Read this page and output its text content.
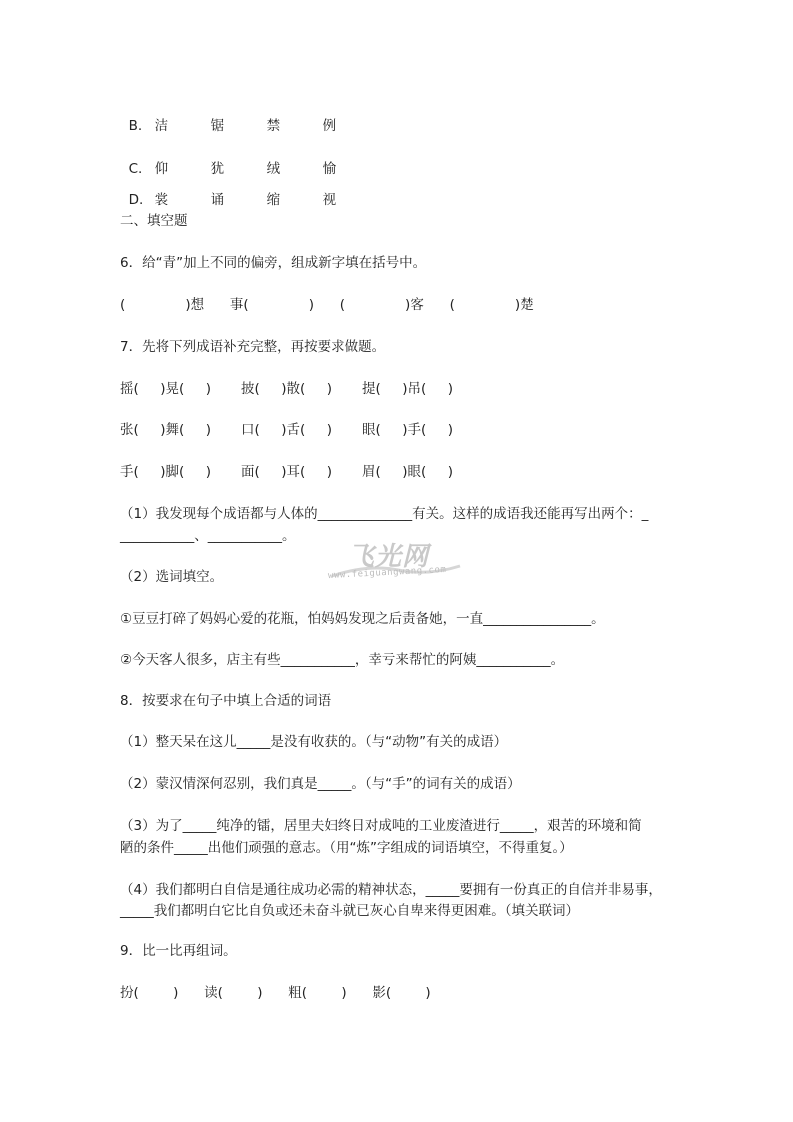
B. 洁	锯	禁	例

C. 仰	犹	绒	愉

D. 裳	诵	缩	视

二、填空题
6．给“青”加上不同的偏旁，组成新字填在括号中。
(              )想      事(              )      (              )客      (              )楚
7．先将下列成语补充完整，再按要求做题。
摇(     )晃(     )       披(     )散(     )       提(     )吊(     )
张(     )舞(     )       口(     )舌(     )       眼(     )手(     )
手(     )脚(     )       面(     )耳(     )       眉(     )眼(     )
（1）我发现每个成语都与人体的______________有关。这样的成语我还能再写出两个：_
___________、___________。
（2）选词填空。
①豆豆打碎了妈妈心爱的花瓶，怕妈妈发现之后责备她，一直________________。
②今天客人很多，店主有些___________，幸亏来帮忙的阿姨___________。
8．按要求在句子中填上合适的词语
（1）整天呆在这儿_____是没有收获的。（与“动物”有关的成语）
（2）蒙汉情深何忍别，我们真是_____。（与“手”的词有关的成语）
（3）为了_____纯净的镭，居里夫妇终日对成吨的工业废渣进行_____，艰苦的环境和简
陋的条件_____出他们顽强的意志。（用“炼”字组成的词语填空，不得重复。）
（4）我们都明白自信是通往成功必需的精神状态，_____要拥有一份真正的自信并非易事，
_____我们都明白它比自负或还未奋斗就已灰心自卑来得更困难。（填关联词）
9．比一比再组词。
扮(        )      读(        )      粗(        )      影(        )
飞光网
www.feiguangwang.com
